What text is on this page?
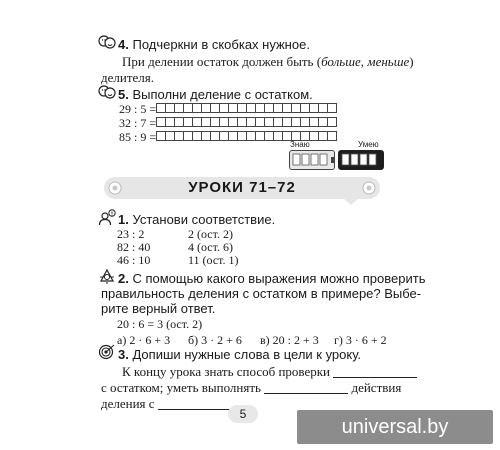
4. Подчеркни в скобках нужное.
При делении остаток должен быть (больше, меньше)
делителя.
5. Выполни деление с остатком.
29 : 5 =
32 : 7 =
85 : 9 =
Знаю	Умею
УРОКИ 71–72
1. Установи соответствие.
23 : 2
82 : 40
46 : 10
2 (ост. 2)
4 (ост. 6)
11 (ост. 1)
2. С помощью какого выражения можно проверить
правильность деления с остатком в примере? Выбе-
рите верный ответ.
20 : 6 = 3 (ост. 2)
а) 2 · 6 + 3 б) 3 · 2 + 6 в) 20 : 2 + 3 г) 3 · 6 + 2
3. Допиши нужные слова в цели к уроку.
К концу урока знать способ проверки
с остатком; уметь выполнять	действия
деления с
5
universal.by
